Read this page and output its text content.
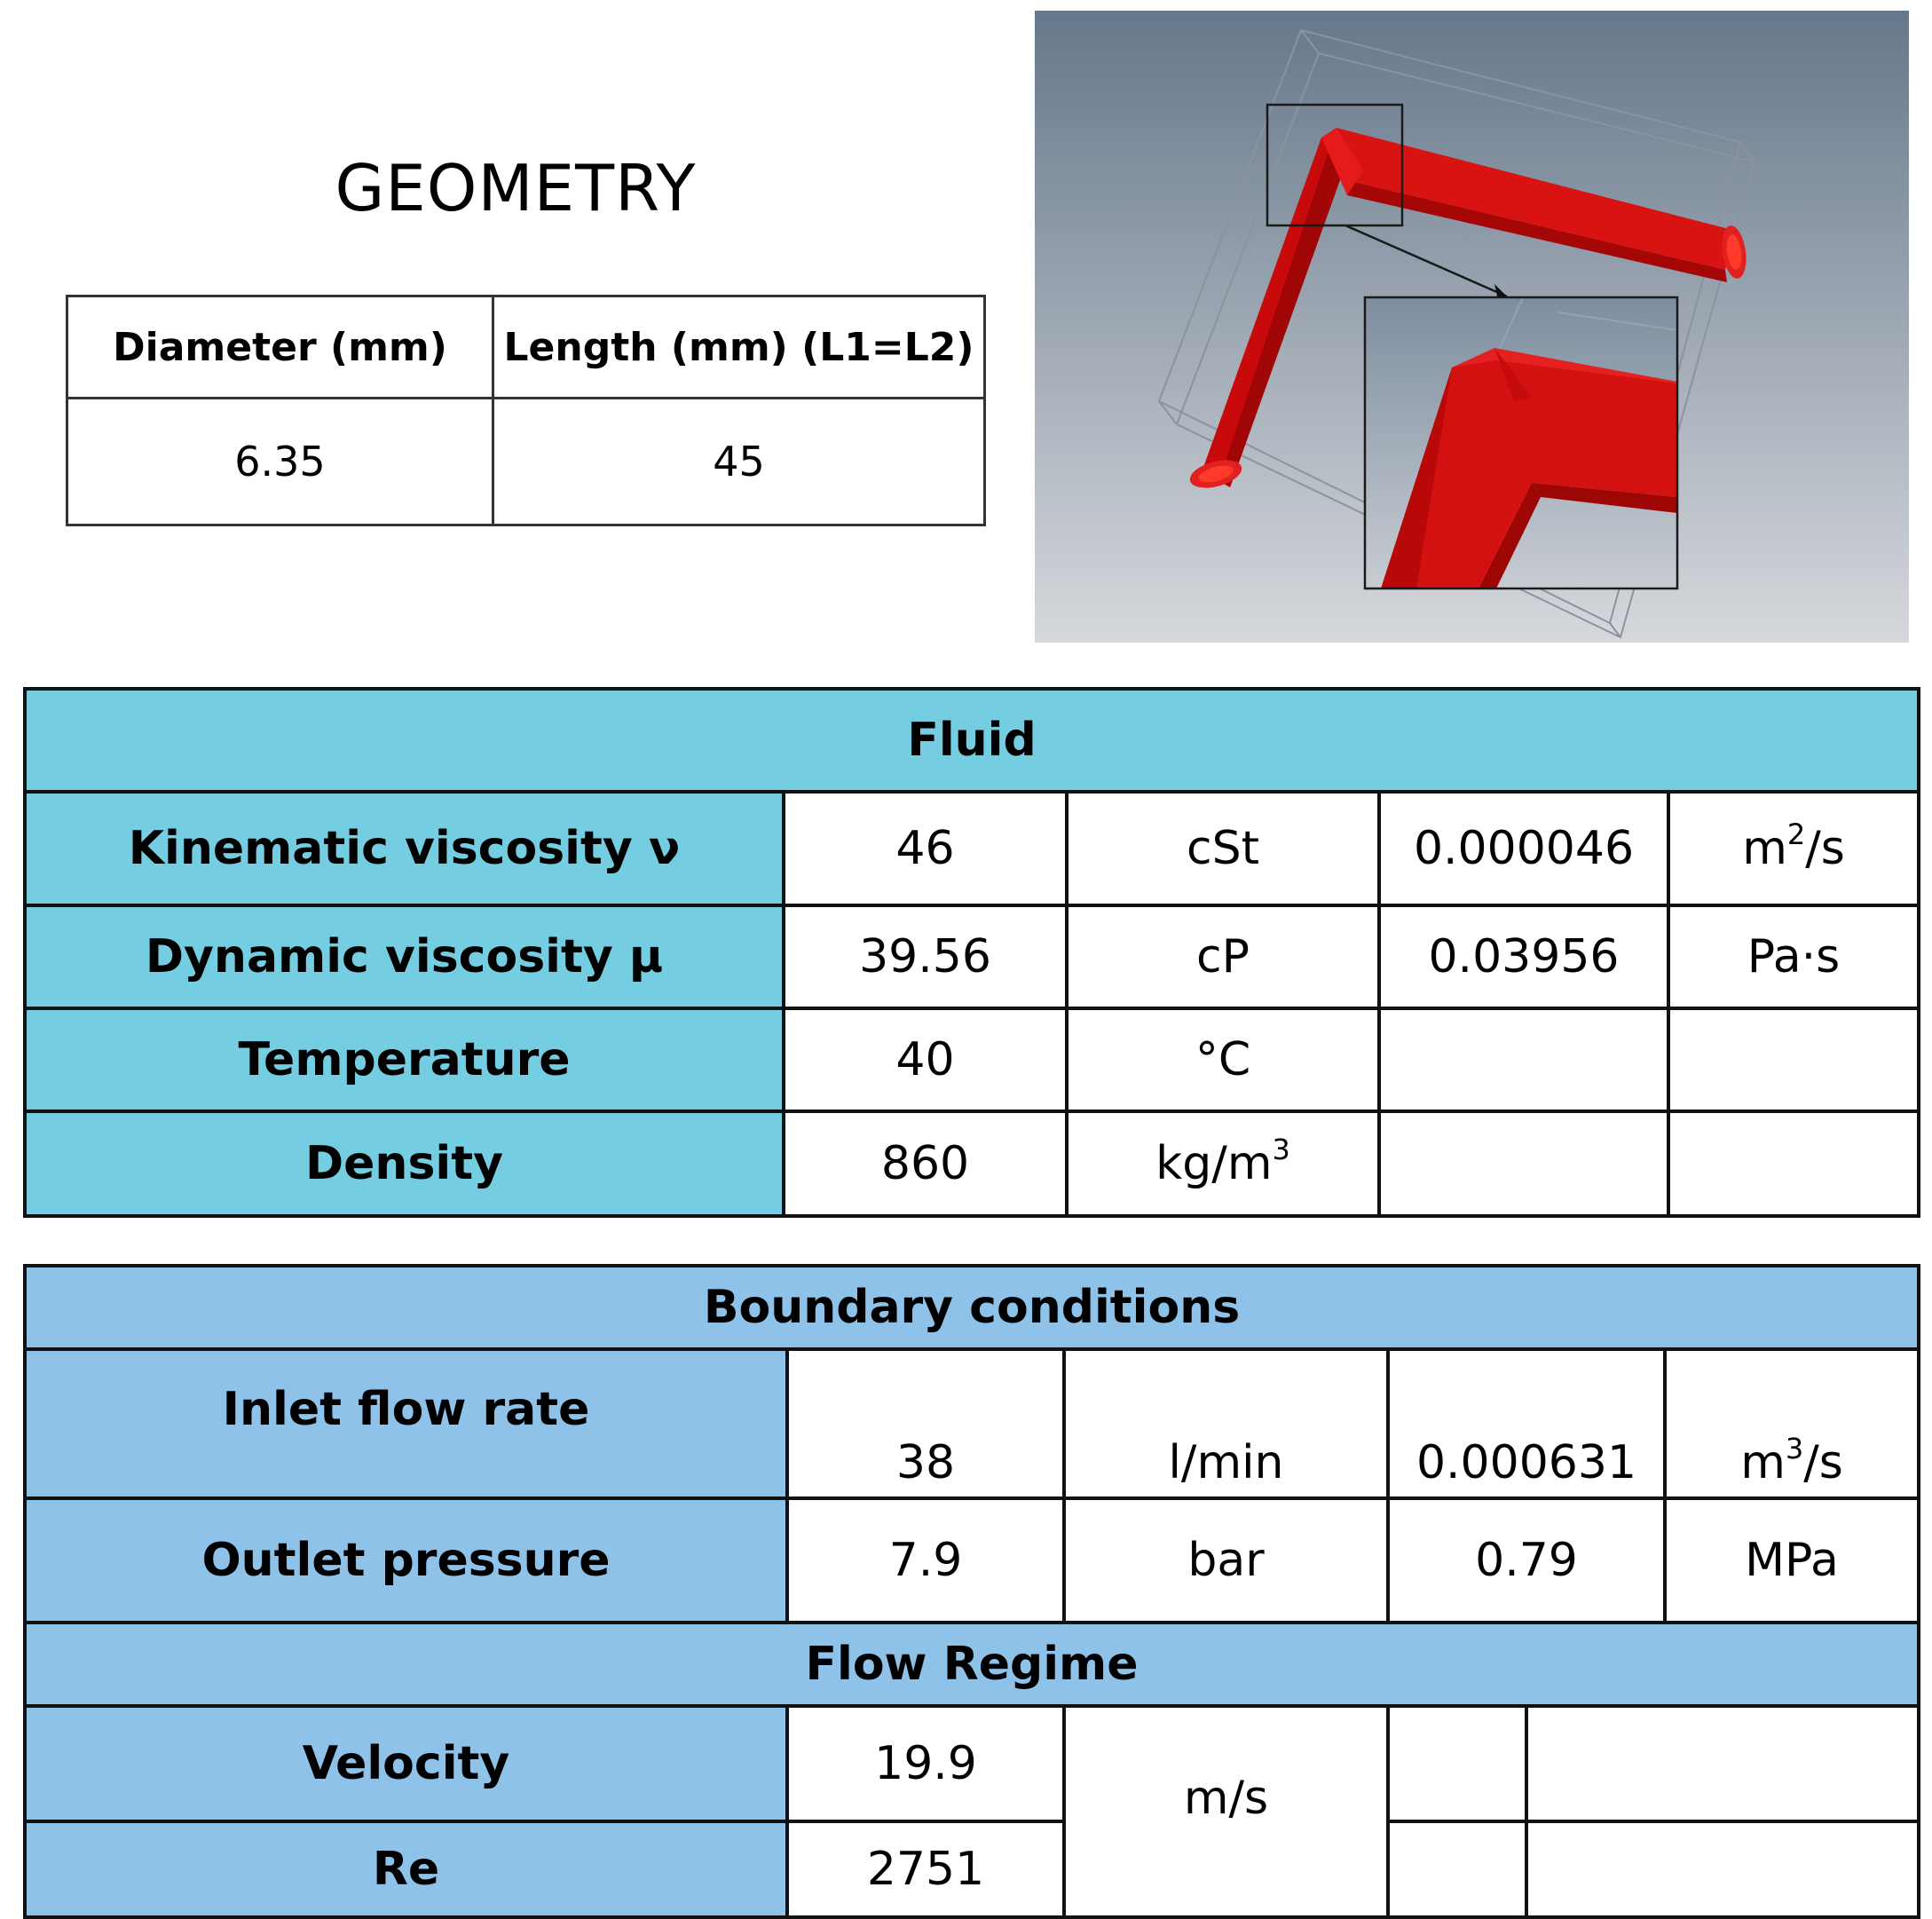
GEOMETRY
Diameter (mm)	Length (mm) (L1=L2)
6.35	45
Fluid				
Kinematic viscosity ν	46	cSt	0.000046	$m^2/s$
Dynamic viscosity μ	39.56	cP	0.03956	Pa·s
Temperature	40	°C		
Density	860	$kg/m^3$		
Boundary conditions					
Inlet flow rate	38	l/min	0.000631		$m^3/s$
Outlet pressure	7.9	bar	0.79		MPa
Flow Regime					
Velocity	19.9	m/s			
Re	2751				
